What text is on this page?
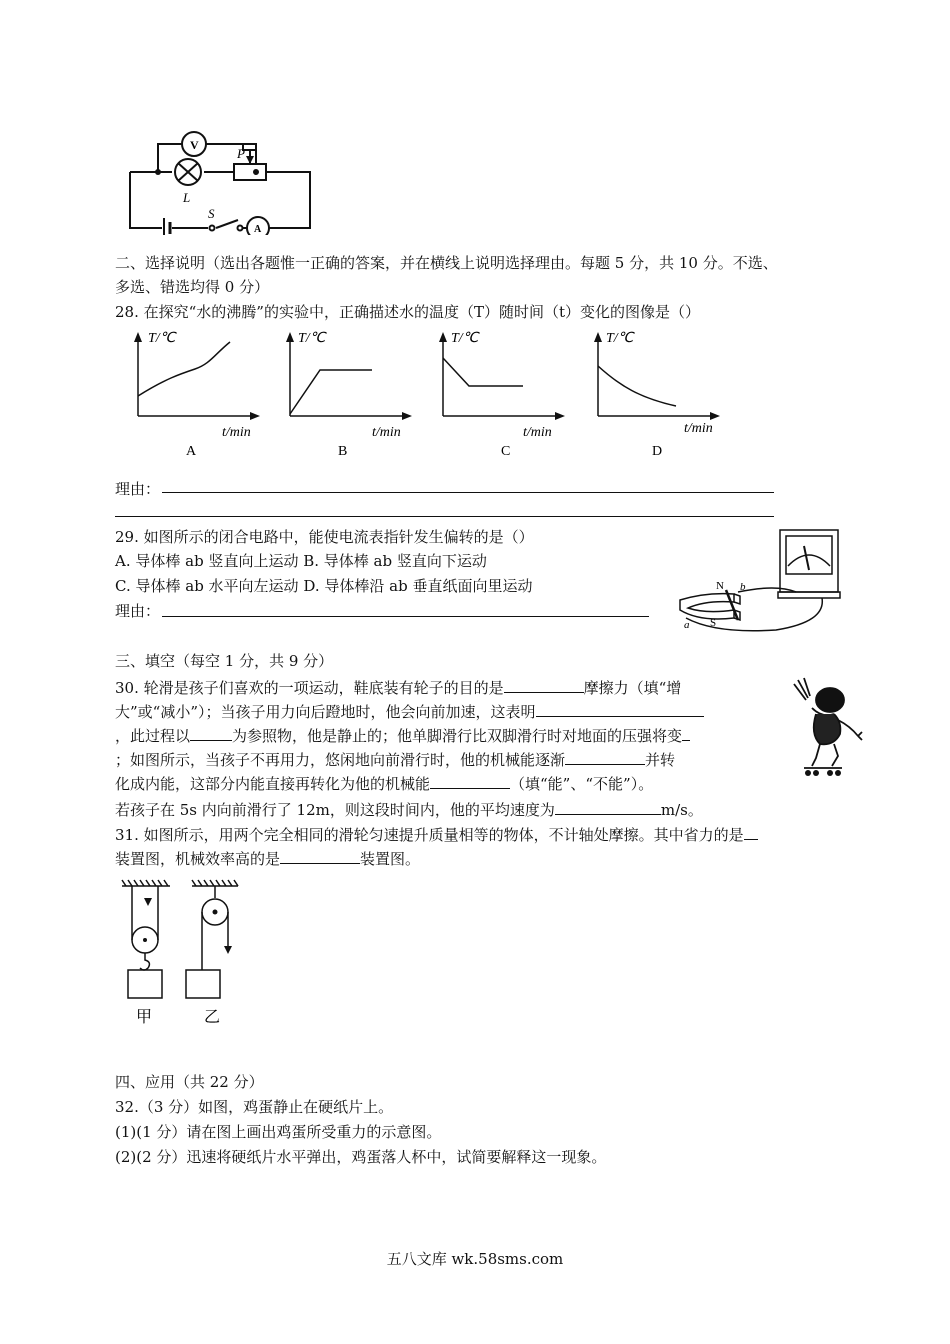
V
L
P
S
A
二、选择说明（选出各题惟一正确的答案，并在横线上说明选择理由。每题 5 分，共 10 分。不选、
多选、错选均得 0 分）
28. 在探究“水的沸腾”的实验中，正确描述水的温度（T）随时间（t）变化的图像是（）
T/℃
t/min
A
T/℃
t/min
B
T/℃
t/min
C
T/℃
t/min
D
理由：
29. 如图所示的闭合电路中，能使电流表指针发生偏转的是（）
A. 导体棒 ab 竖直向上运动 B. 导体棒 ab 竖直向下运动
C. 导体棒 ab 水平向左运动 D. 导体棒沿 ab 垂直纸面向里运动
理由：
N
S
b
a
三、填空（每空 1 分，共 9 分）
30. 轮滑是孩子们喜欢的一项运动，鞋底装有轮子的目的是	摩擦力（填“增
大”或“减小”）；当孩子用力向后蹬地时，他会向前加速，这表明
，此过程以	为参照物，他是静止的；他单脚滑行比双脚滑行时对地面的压强将变
；如图所示，当孩子不再用力，悠闲地向前滑行时，他的机械能逐渐	并转
化成内能，这部分内能直接再转化为他的机械能	（填“能”、“不能”）。
若孩子在 5s 内向前滑行了 12m，则这段时间内，他的平均速度为	m/s。
31. 如图所示，用两个完全相同的滑轮匀速提升质量相等的物体，不计轴处摩擦。其中省力的是
装置图，机械效率高的是	装置图。
甲	乙
四、应用（共 22 分）
32.（3 分）如图，鸡蛋静止在硬纸片上。
(1)(1 分）请在图上画出鸡蛋所受重力的示意图。
(2)(2 分）迅速将硬纸片水平弹出，鸡蛋落人杯中，试简要解释这一现象。
五八文库 wk.58sms.com
